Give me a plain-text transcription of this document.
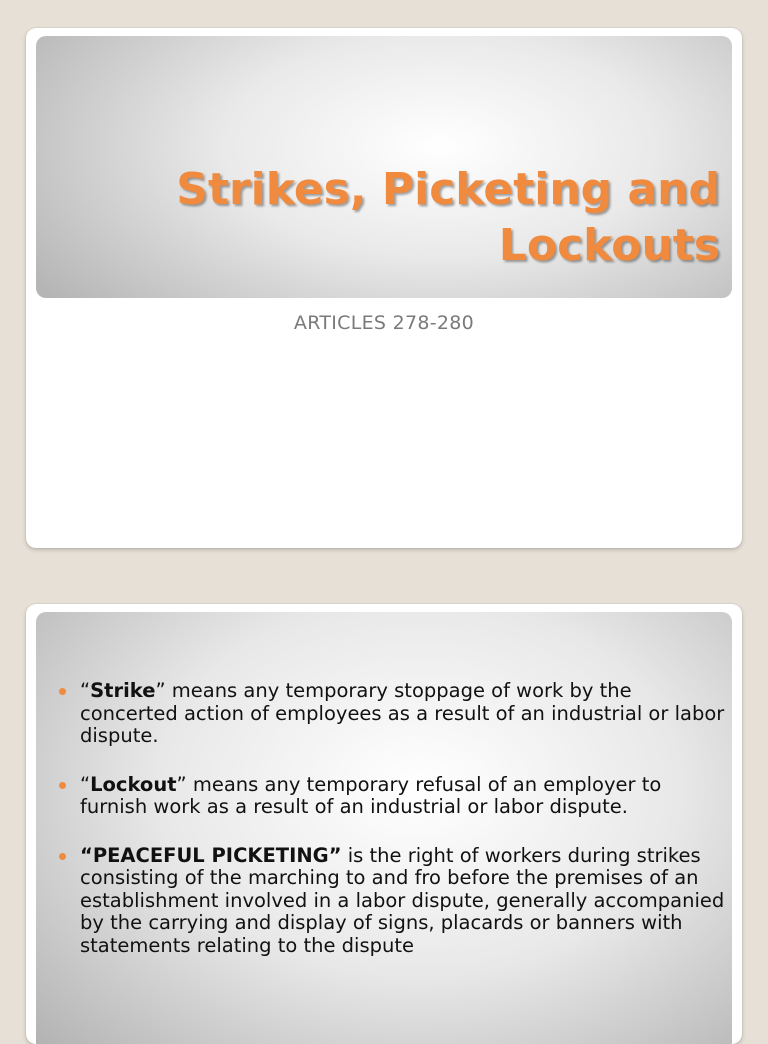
Strikes, Picketing and
Lockouts
ARTICLES 278-280
“Strike” means any temporary stoppage of work by the concerted action of employees as a result of an industrial or labor dispute.
“Lockout” means any temporary refusal of an employer to furnish work as a result of an industrial or labor dispute.
“PEACEFUL PICKETING” is the right of workers during strikes consisting of the marching to and fro before the premises of an establishment involved in a labor dispute, generally accompanied by the carrying and display of signs, placards or banners with statements relating to the dispute
